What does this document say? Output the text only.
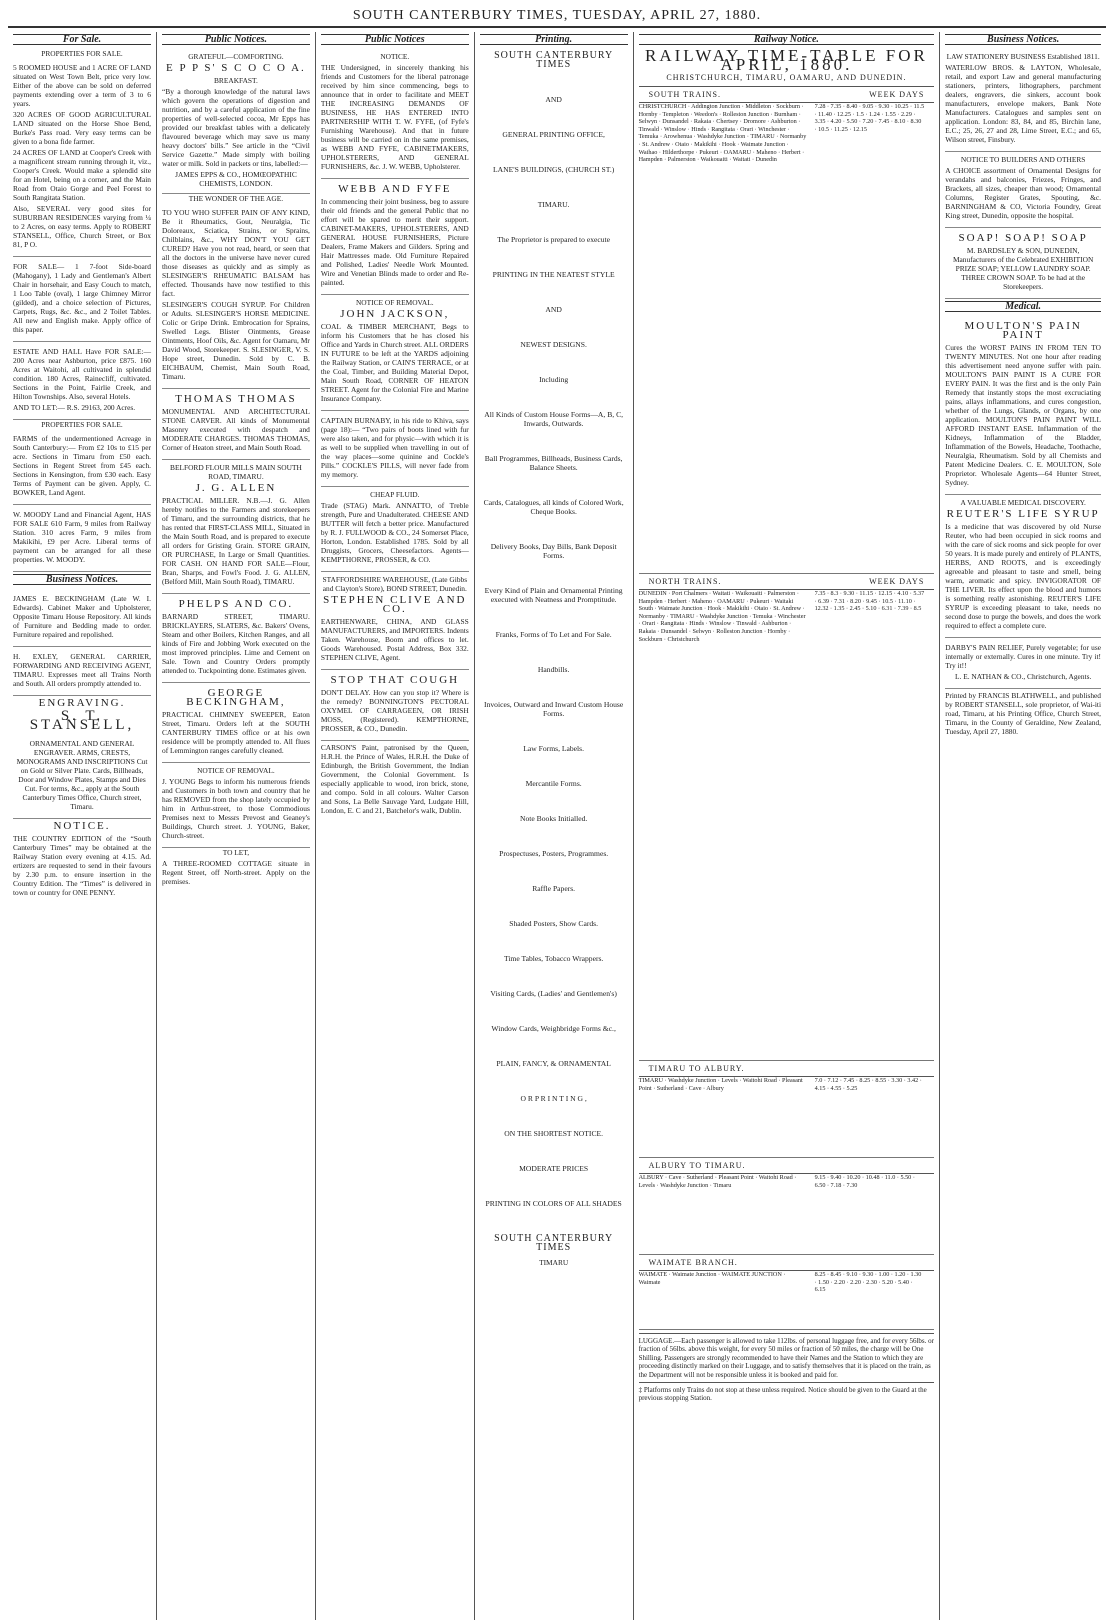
SOUTH CANTERBURY TIMES, TUESDAY, APRIL 27, 1880.
For Sale.
PROPERTIES FOR SALE.

5 ROOMED HOUSE and 1 ACRE OF LAND situated on West Town Belt, price very low. Either of the above can be sold on deferred payments extending over a term of 3 to 6 years.

320 ACRES OF GOOD AGRICULTURAL LAND situated on the Horse Shoe Bend, Burke's Pass road. Very easy terms can be given to a bona fide farmer.

24 ACRES OF LAND at Cooper's Creek with a magnificent stream running through it, viz., Cooper's Creek. Would make a splendid site for an Hotel, being on a corner, and the Main Road from Otaio Gorge and Peel Forest to South Rangitata Station.

Also, SEVERAL very good sites for SUBURBAN RESIDENCES varying from ¼ to 2 Acres, on easy terms. Apply to ROBERT STANSELL, Office, Church Street, or Box 81, P O.

FOR SALE— 1 7-foot Side-board (Mahogany), 1 Lady and Gentleman's Albert Chair in horsehair, and Easy Couch to match, 1 Loo Table (oval), 1 large Chimney Mirror (gilded), and a choice selection of Pictures, Carpets, Rugs, &c. &c., and 2 Toilet Tables. All new and English make. Apply office of this paper.

ESTATE AND HALL Have FOR SALE:— 200 Acres near Ashburton, price £875. 160 Acres at Waitohi, all cultivated in splendid condition. 180 Acres, Rainecliff, cultivated. Sections in the Point, Fairlie Creek, and Hilton Townships. Also, several Hotels.

AND TO LET:— R.S. 29163, 200 Acres.

PROPERTIES FOR SALE.

FARMS of the undermentioned Acreage in South Canterbury:— From £2 10s to £15 per acre. Sections in Timaru from £50 each. Sections in Regent Street from £45 each. Sections in Kensington, from £30 each. Easy Terms of Payment can be given. Apply, C. BOWKER, Land Agent.

W. MOODY Land and Financial Agent, HAS FOR SALE 610 Farm, 9 miles from Railway Station. 310 acres Farm, 9 miles from Makikihi, £9 per Acre. Liberal terms of payment can be arranged for all these properties. W. MOODY.

Business Notices.

JAMES E. BECKINGHAM (Late W. I. Edwards). Cabinet Maker and Upholsterer, Opposite Timaru House Repository. All kinds of Furniture and Bedding made to order. Furniture repaired and repolished.

H. EXLEY, GENERAL CARRIER, FORWARDING AND RECEIVING AGENT, TIMARU. Expresses meet all Trains North and South. All orders promptly attended to.

ENGRAVING.
S. T. STANSELL,

ORNAMENTAL AND GENERAL ENGRAVER. ARMS, CRESTS, MONOGRAMS AND INSCRIPTIONS Cut on Gold or Silver Plate. Cards, Billheads, Door and Window Plates, Stamps and Dies Cut. For terms, &c., apply at the South Canterbury Times Office, Church street, Timaru.

NOTICE.

THE COUNTRY EDITION of the “South Canterbury Times” may be obtained at the Railway Station every evening at 4.15. Ad. ertizers are requested to send in their favours by 2.30 p.m. to ensure insertion in the Country Edition. The “Times” is delivered in town or country for ONE PENNY.

Public Notices.
GRATEFUL—COMFORTING.
E P P S' S C O C O A.
BREAKFAST.

“By a thorough knowledge of the natural laws which govern the operations of digestion and nutrition, and by a careful application of the fine properties of well-selected cocoa, Mr Epps has provided our breakfast tables with a delicately flavoured beverage which may save us many heavy doctors' bills.” See article in the “Civil Service Gazette.” Made simply with boiling water or milk. Sold in packets or tins, labelled:—

JAMES EPPS & CO., HOMŒOPATHIC CHEMISTS, LONDON.
THE WONDER OF THE AGE.

TO YOU WHO SUFFER PAIN OF ANY KIND, Be it Rheumatics, Gout, Neuralgia, Tic Doloreaux, Sciatica, Strains, or Sprains, Chilblains, &c., WHY DON'T YOU GET CURED? Have you not read, heard, or seen that all the doctors in the universe have never cured those diseases as quickly and as simply as SLESINGER'S RHEUMATIC BALSAM has effected. Thousands have now testified to this fact.

SLESINGER'S COUGH SYRUP. For Children or Adults. SLESINGER'S HORSE MEDICINE. Colic or Gripe Drink. Embrocation for Sprains, Swelled Legs. Blister Ointments, Grease Ointments, Hoof Oils, &c. Agent for Oamaru, Mr David Wood, Storekeeper. S. SLESINGER, V. S. Hope street, Dunedin. Sold by C. B. EICHBAUM, Chemist, Main South Road, Timaru.

THOMAS THOMAS

MONUMENTAL AND ARCHITECTURAL STONE CARVER. All kinds of Monumental Masonry executed with despatch and MODERATE CHARGES. THOMAS THOMAS, Corner of Heaton street, and Main South Road.

BELFORD FLOUR MILLS MAIN SOUTH ROAD, TIMARU.
J. G. ALLEN

PRACTICAL MILLER. N.B.—J. G. Allen hereby notifies to the Farmers and storekeepers of Timaru, and the surrounding districts, that he has rented that FIRST-CLASS MILL, Situated in the Main South Road, and is prepared to execute all orders for Gristing Grain. STORE GRAIN, OR PURCHASE, In Large or Small Quantities. FOR CASH. ON HAND FOR SALE—Flour, Bran, Sharps, and Fowl's Food. J. G. ALLEN, (Belford Mill, Main South Road), TIMARU.

PHELPS AND CO.

BARNARD STREET, TIMARU. BRICKLAYERS, SLATERS, &c. Bakers' Ovens, Steam and other Boilers, Kitchen Ranges, and all kinds of Fire and Jobbing Work executed on the most improved principles. Lime and Cement on Sale. Town and Country Orders promptly attended to. Tuckpointing done. Estimates given.

GEORGE BECKINGHAM,

PRACTICAL CHIMNEY SWEEPER, Eaton Street, Timaru. Orders left at the SOUTH CANTERBURY TIMES office or at his own residence will be promptly attended to. All flues of Lemmington ranges carefully cleaned.

NOTICE OF REMOVAL.

J. YOUNG Begs to inform his numerous friends and Customers in both town and country that he has REMOVED from the shop lately occupied by him in Arthur-street, to those Commodious Premises next to Messrs Prevost and Geaney's Buildings, Church street. J. YOUNG, Baker, Church-street.

TO LET,

A THREE-ROOMED COTTAGE situate in Regent Street, off North-street. Apply on the premises.

Public Notices
NOTICE.

THE Undersigned, in sincerely thanking his friends and Customers for the liberal patronage received by him since commencing, begs to announce that in order to facilitate and MEET THE INCREASING DEMANDS OF BUSINESS, HE HAS ENTERED INTO PARTNERSHIP WITH T. W. FYFE, (of Fyfe's Furnishing Warehouse). And that in future business will be carried on in the same premises, as WEBB AND FYFE, CABINETMAKERS, UPHOLSTERERS, AND GENERAL FURNISHERS, &c. J. W. WEBB, Upholsterer.

WEBB AND FYFE

In commencing their joint business, beg to assure their old friends and the general Public that no effort will be spared to merit their support. CABINET-MAKERS, UPHOLSTERERS, AND GENERAL HOUSE FURNISHERS, Picture Dealers, Frame Makers and Gilders. Spring and Hair Mattresses made. Old Furniture Repaired and Polished, Ladies' Needle Work Mounted. Wire and Venetian Blinds made to order and Re-painted.

NOTICE OF REMOVAL.
JOHN JACKSON,

COAL & TIMBER MERCHANT, Begs to inform his Customers that he has closed his Office and Yards in Church street. ALL ORDERS IN FUTURE to be left at the YARDS adjoining the Railway Station, or CAIN'S TERRACE, or at the Coal, Timber, and Building Material Depot, Main South Road, CORNER OF HEATON STREET. Agent for the Colonial Fire and Marine Insurance Company.

CAPTAIN BURNABY, in his ride to Khiva, says (page 18):— “Two pairs of boots lined with fur were also taken, and for physic—with which it is as well to be supplied when travelling in out of the way places—some quinine and Cockle's Pills.” COCKLE'S PILLS, will never fade from my memory.

CHEAP FLUID.

Trade (STAG) Mark. ANNATTO, of Treble strength, Pure and Unadulterated. CHEESE AND BUTTER will fetch a better price. Manufactured by R. J. FULLWOOD & CO., 24 Somerset Place, Horton, London. Established 1785. Sold by all Druggists, Grocers, Cheesefactors. Agents—KEMPTHORNE, PROSSER, & CO.

STAFFORDSHIRE WAREHOUSE, (Late Gibbs and Clayton's Store), BOND STREET, Dunedin.
STEPHEN CLIVE AND CO.

EARTHENWARE, CHINA, AND GLASS MANUFACTURERS, and IMPORTERS. Indents Taken. Warehouse, Boom and offices to let. Goods Warehoused. Postal Address, Box 332. STEPHEN CLIVE, Agent.

STOP THAT COUGH

DON'T DELAY. How can you stop it? Where is the remedy? BONNINGTON'S PECTORAL OXYMEL OF CARRAGEEN, OR IRISH MOSS, (Registered). KEMPTHORNE, PROSSER, & CO., Dunedin.

CARSON'S Paint, patronised by the Queen, H.R.H. the Prince of Wales, H.R.H. the Duke of Edinburgh, the British Government, the Indian Government, the Colonial Government. Is especially applicable to wood, iron brick, stone, and compo. Sold in all colours. Walter Carson and Sons, La Belle Sauvage Yard, Ludgate Hill, London, E. C and 21, Batchelor's walk, Dublin.

Printing.
SOUTH CANTERBURY TIMES
AND
GENERAL PRINTING OFFICE,
LANE'S BUILDINGS, (CHURCH ST.)
TIMARU.
The Proprietor is prepared to execute
PRINTING IN THE NEATEST STYLE
AND
NEWEST DESIGNS.
Including
All Kinds of Custom House Forms—A, B, C, Inwards, Outwards.
Ball Programmes, Billheads, Business Cards, Balance Sheets.
Cards, Catalogues, all kinds of Colored Work, Cheque Books.
Delivery Books, Day Bills, Bank Deposit Forms.
Every Kind of Plain and Ornamental Printing executed with Neatness and Promptitude.
Franks, Forms of To Let and For Sale.
Handbills.
Invoices, Outward and Inward Custom House Forms.
Law Forms, Labels.
Mercantile Forms.
Note Books Initialled.
Prospectuses, Posters, Programmes.
Raffle Papers.
Shaded Posters, Show Cards.
Time Tables, Tobacco Wrappers.
Visiting Cards, (Ladies' and Gentlemen's)
Window Cards, Weighbridge Forms &c.,
PLAIN, FANCY, & ORNAMENTAL
O R P R I N T I N G ,
ON THE SHORTEST NOTICE.
MODERATE PRICES
PRINTING IN COLORS OF ALL SHADES
SOUTH CANTERBURY TIMES
TIMARU
Railway Notice.
RAILWAY TIME-TABLE FOR APRIL, 1880.
CHRISTCHURCH, TIMARU, OAMARU, AND DUNEDIN.
SOUTH TRAINS.	WEEK DAYS
CHRISTCHURCH · Addington Junction · Middleton · Sockburn · Hornby · Templeton · Weedon's · Rolleston Junction · Burnham · Selwyn · Dunsandel · Rakaia · Chertsey · Dromore · Ashburton · Tinwald · Winslow · Hinds · Rangitata · Orari · Winchester · Temuka · Arowhenua · Washdyke Junction · TIMARU · Normanby · St. Andrew · Otaio · Makikihi · Hook · Waimate Junction · Waihao · Hilderthorpe · Pukeuri · OAMARU · Maheno · Herbert · Hampden · Palmerston · Waikouaiti · Waitati · Dunedin
7.28 · 7.35 · 8.40 · 9.05 · 9.30 · 10.25 · 11.5 · 11.40 · 12.25 · 1.5 · 1.24 · 1.55 · 2.29 · 3.35 · 4.20 · 5.50 · 7.20 · 7.45 · 8.10 · 8.30 · 10.5 · 11.25 · 12.15
NORTH TRAINS.	WEEK DAYS
DUNEDIN · Port Chalmers · Waitati · Waikouaiti · Palmerston · Hampden · Herbert · Maheno · OAMARU · Pukeuri · Waitaki South · Waimate Junction · Hook · Makikihi · Otaio · St. Andrew · Normanby · TIMARU · Washdyke Junction · Temuka · Winchester · Orari · Rangitata · Hinds · Winslow · Tinwald · Ashburton · Rakaia · Dunsandel · Selwyn · Rolleston Junction · Hornby · Sockburn · Christchurch
7.35 · 8.3 · 9.30 · 11.15 · 12.15 · 4.10 · 5.37 · 6.39 · 7.31 · 8.20 · 9.45 · 10.5 · 11.10 · 12.32 · 1.35 · 2.45 · 5.10 · 6.31 · 7.39 · 8.5
TIMARU TO ALBURY.
TIMARU · Washdyke Junction · Levels · Waitohi Road · Pleasant Point · Sutherland · Cave · Albury
7.0 · 7.12 · 7.45 · 8.25 · 8.55 · 3.30 · 3.42 · 4.15 · 4.55 · 5.25
ALBURY TO TIMARU.
ALBURY · Cave · Sutherland · Pleasant Point · Waitohi Road · Levels · Washdyke Junction · Timaru
9.15 · 9.40 · 10.20 · 10.48 · 11.0 · 5.50 · 6.50 · 7.18 · 7.30
WAIMATE BRANCH.
WAIMATE · Waimate Junction · WAIMATE JUNCTION · Waimate
8.25 · 8.45 · 9.10 · 9.30 · 1.00 · 1.20 · 1.30 · 1.50 · 2.20 · 2.20 · 2.30 · 5.20 · 5.40 · 6.15
LUGGAGE.—Each passenger is allowed to take 112lbs. of personal luggage free, and for every 56lbs. or fraction of 56lbs. above this weight, for every 50 miles or fraction of 50 miles, the charge will be One Shilling. Passengers are strongly recommended to have their Names and the Station to which they are proceeding distinctly marked on their Luggage, and to satisfy themselves that it is placed on the train, as the Department will not be responsible unless it is booked and paid for.
‡ Platforms only Trains do not stop at these unless required. Notice should be given to the Guard at the previous stopping Station.
Business Notices.
LAW STATIONERY BUSINESS Established 1811.

WATERLOW BROS. & LAYTON, Wholesale, retail, and export Law and general manufacturing stationers, printers, lithographers, parchment dealers, engravers, die sinkers, account book manufacturers, envelope makers, Bank Note Manufacturers. Catalogues and samples sent on application. London: 83, 84, and 85, Birchin lane, E.C.; 25, 26, 27 and 28, Lime Street, E.C.; and 65, Wilson street, Finsbury.

NOTICE TO BUILDERS AND OTHERS

A CHOICE assortment of Ornamental Designs for verandahs and balconies, Friezes, Fringes, and Brackets, all sizes, cheaper than wood; Ornamental Columns, Register Grates, Spouting, &c. BARNINGHAM & CO, Victoria Foundry, Great King street, Dunedin, opposite the hospital.

SOAP! SOAP! SOAP

M. BARDSLEY & SON, DUNEDIN, Manufacturers of the Celebrated EXHIBITION PRIZE SOAP; YELLOW LAUNDRY SOAP. THREE CROWN SOAP. To be had at the Storekeepers.

Medical.
MOULTON'S PAIN PAINT

Cures the WORST PAINS IN FROM TEN TO TWENTY MINUTES. Not one hour after reading this advertisement need anyone suffer with pain. MOULTON'S PAIN PAINT IS A CURE FOR EVERY PAIN. It was the first and is the only Pain Remedy that instantly stops the most excruciating pains, allays inflammations, and cures congestion, whether of the Lungs, Glands, or Organs, by one application. MOULTON'S PAIN PAINT WILL AFFORD INSTANT EASE. Inflammation of the Kidneys, Inflammation of the Bladder, Inflammation of the Bowels, Headache, Toothache, Neuralgia, Rheumatism. Sold by all Chemists and Patent Medicine Dealers. C. E. MOULTON, Sole Proprietor. Wholesale Agents—64 Hunter Street, Sydney.

A VALUABLE MEDICAL DISCOVERY.
REUTER'S LIFE SYRUP

Is a medicine that was discovered by old Nurse Reuter, who had been occupied in sick rooms and with the care of sick rooms and sick people for over 50 years. It is made purely and entirely of PLANTS, HERBS, AND ROOTS, and is exceedingly agreeable and pleasant to taste and smell, being warm, aromatic and spicy. INVIGORATOR OF THE LIVER. Its effect upon the blood and humors is something really astonishing. REUTER'S LIFE SYRUP is exceeding pleasant to take, needs no second dose to purge the bowels, and does the work required to effect a complete cure.

DARBY'S PAIN RELIEF, Purely vegetable; for use internally or externally. Cures in one minute. Try it! Try it!!

L. E. NATHAN & CO., Christchurch, Agents.

Printed by FRANCIS BLATHWELL, and published by ROBERT STANSELL, sole proprietor, of Wai-iti road, Timaru, at his Printing Office, Church Street, Timaru, in the County of Geraldine, New Zealand, Tuesday, April 27, 1880.
